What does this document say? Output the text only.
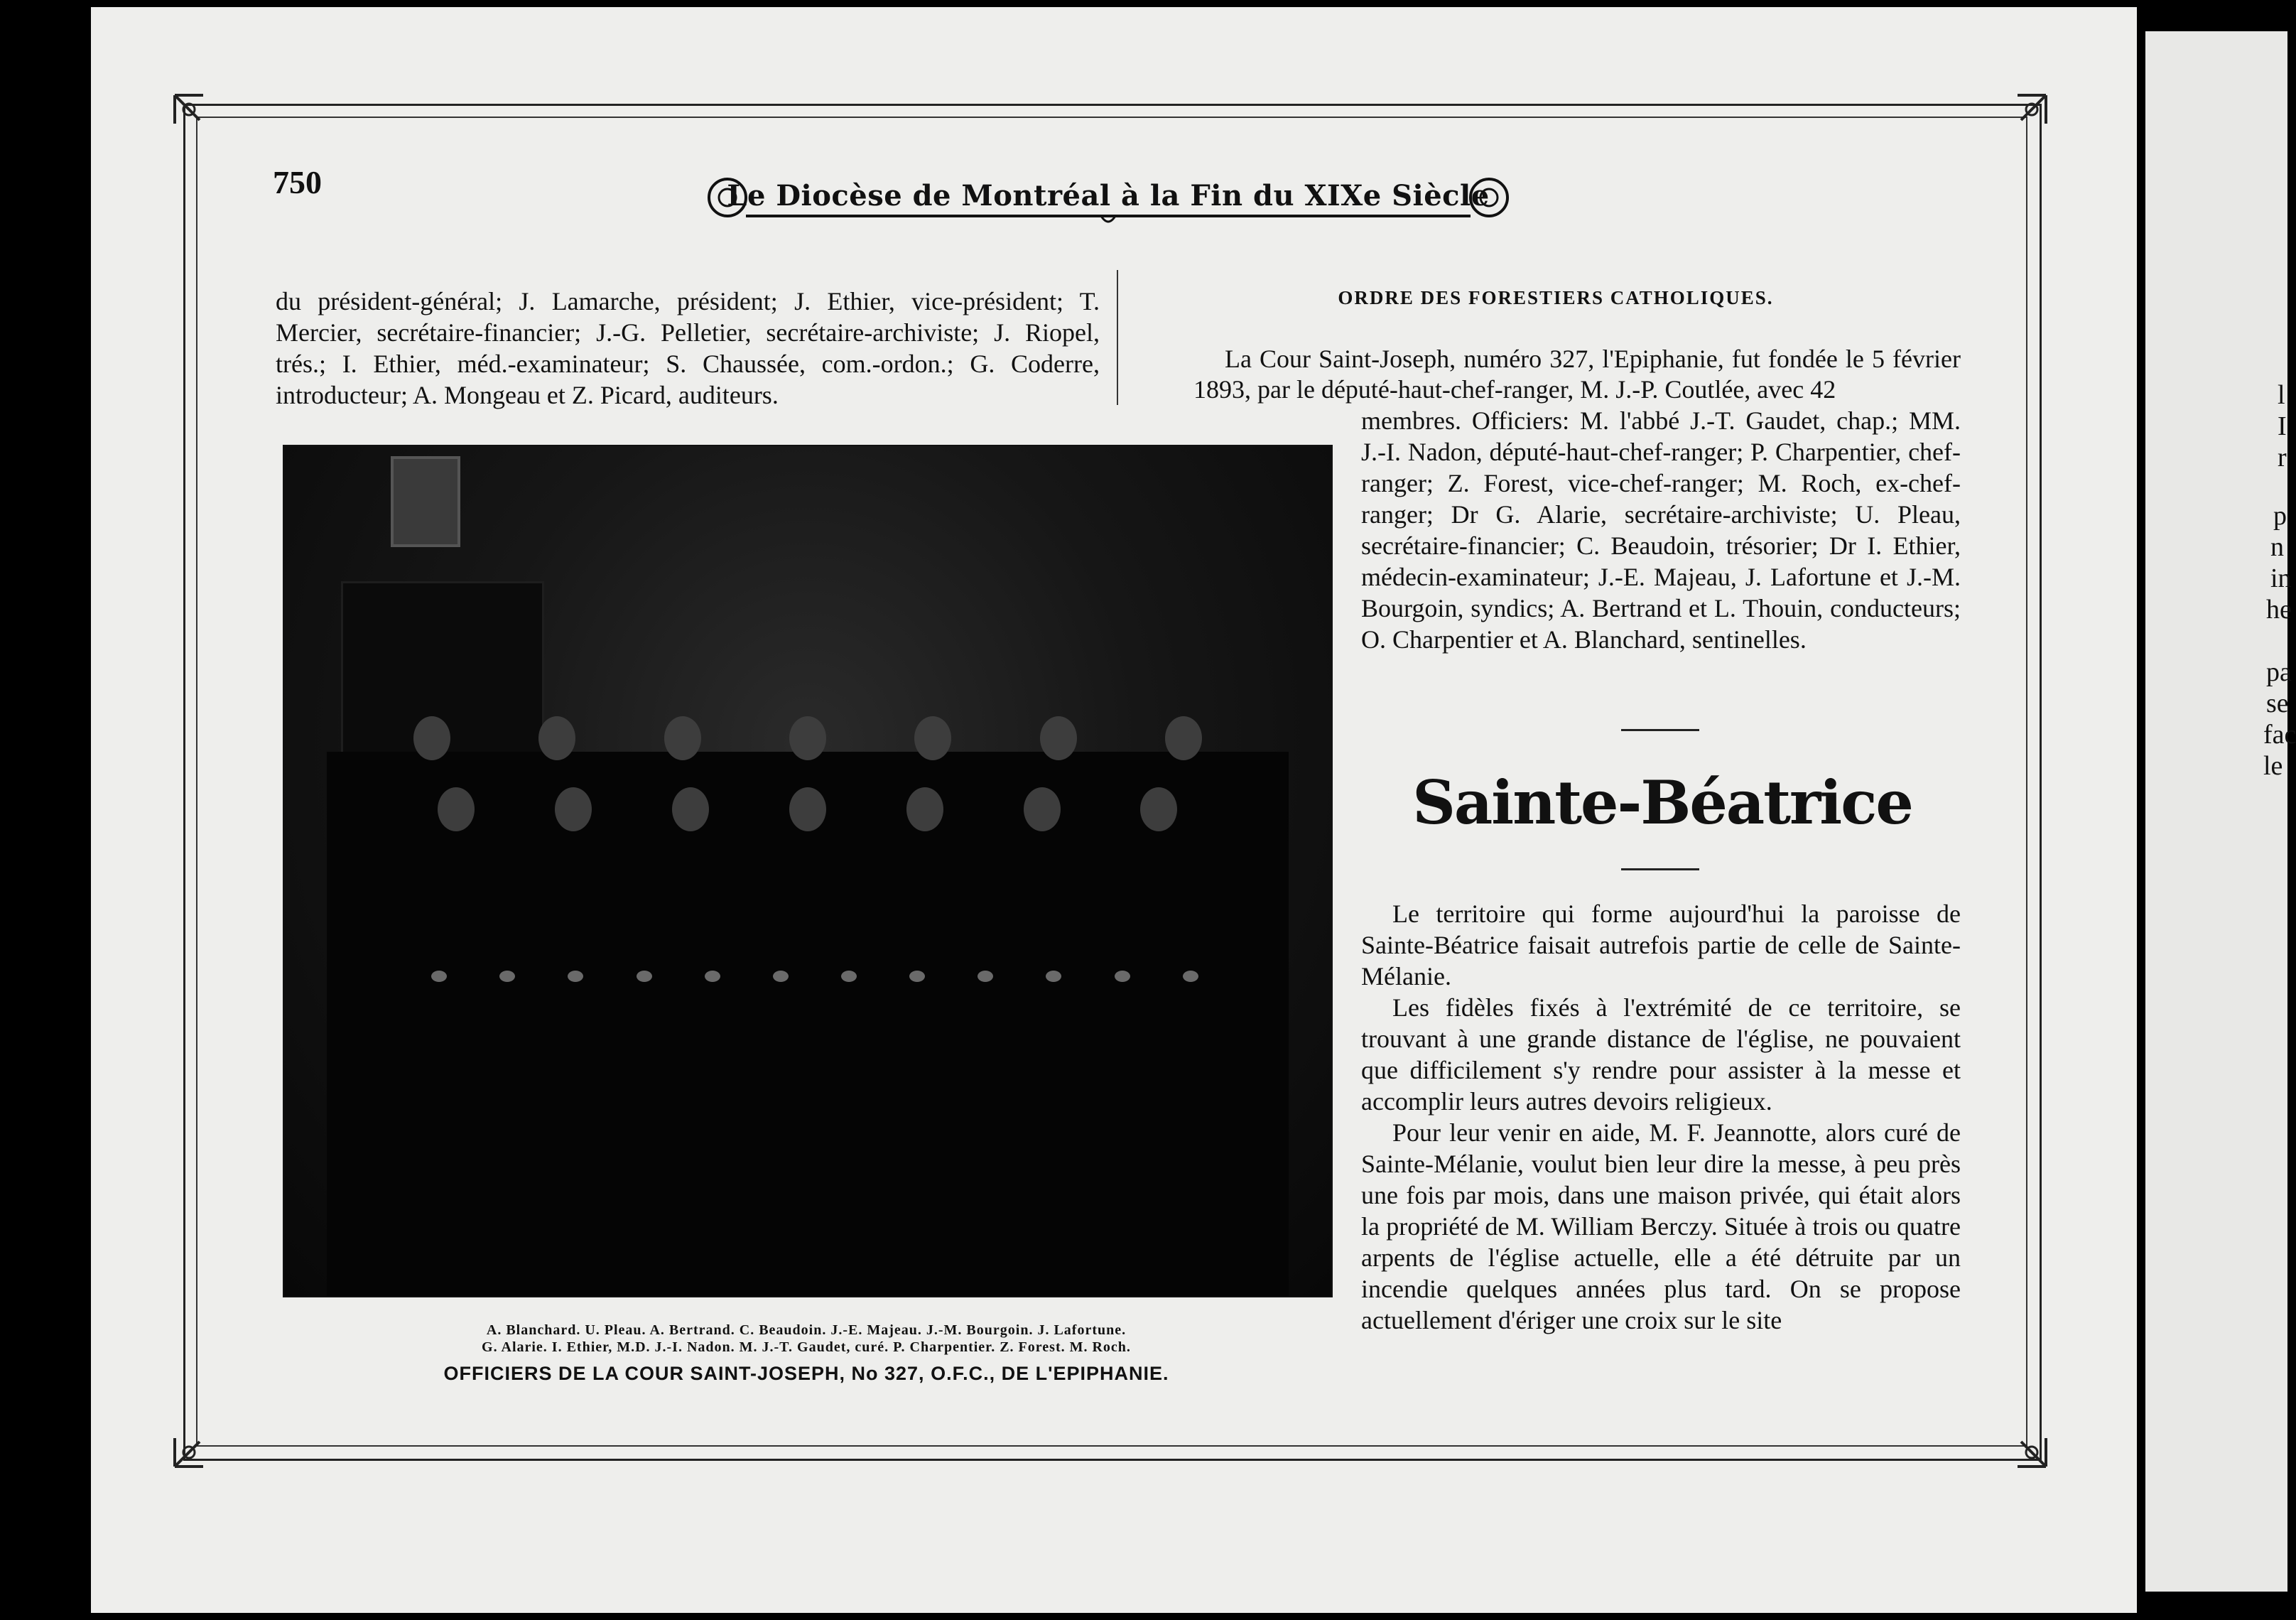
l
I
r
p
n
in
he
pa
se
fac
le
750	Le Diocèse de Montréal à la Fin du XIXe Siècle
du président-général; J. Lamarche, président; J. Ethier, vice-président; T. Mercier, secrétaire-financier; J.-G. Pelletier, secrétaire-archiviste; J. Riopel, trés.; I. Ethier, méd.-examinateur; S. Chaussée, com.-ordon.; G. Coderre, introducteur; A. Mongeau et Z. Picard, auditeurs.
ORDRE DES FORESTIERS CATHOLIQUES.
La Cour Saint-Joseph, numéro 327, l'Epiphanie, fut fondée le 5 février 1893, par le député-haut-chef-ranger, M. J.-P. Coutlée, avec 42
membres. Officiers: M. l'abbé J.-T. Gaudet, chap.; MM. J.-I. Nadon, député-haut-chef-ranger; P. Charpentier, chef-ranger; Z. Forest, vice-chef-ranger; M. Roch, ex-chef-ranger; Dr G. Alarie, secrétaire-archiviste; U. Pleau, secrétaire-financier; C. Beaudoin, trésorier; Dr I. Ethier, médecin-examinateur; J.-E. Majeau, J. Lafortune et J.-M. Bourgoin, syndics; A. Bertrand et L. Thouin, conducteurs; O. Charpentier et A. Blanchard, sentinelles.
A. Blanchard. U. Pleau. A. Bertrand. C. Beaudoin. J.-E. Majeau. J.-M. Bourgoin. J. Lafortune.
G. Alarie. I. Ethier, M.D. J.-I. Nadon. M. J.-T. Gaudet, curé. P. Charpentier. Z. Forest. M. Roch.
OFFICIERS DE LA COUR SAINT-JOSEPH, No 327, O.F.C., DE L'EPIPHANIE.
Sainte-Béatrice

Le territoire qui forme aujourd'hui la paroisse de Sainte-Béatrice faisait autrefois partie de celle de Sainte-Mélanie.

Les fidèles fixés à l'extrémité de ce territoire, se trouvant à une grande distance de l'église, ne pouvaient que difficilement s'y rendre pour assister à la messe et accomplir leurs autres devoirs religieux.

Pour leur venir en aide, M. F. Jeannotte, alors curé de Sainte-Mélanie, voulut bien leur dire la messe, à peu près une fois par mois, dans une maison privée, qui était alors la propriété de M. William Berczy. Située à trois ou quatre arpents de l'église actuelle, elle a été détruite par un incendie quelques années plus tard. On se propose actuellement d'ériger une croix sur le site
